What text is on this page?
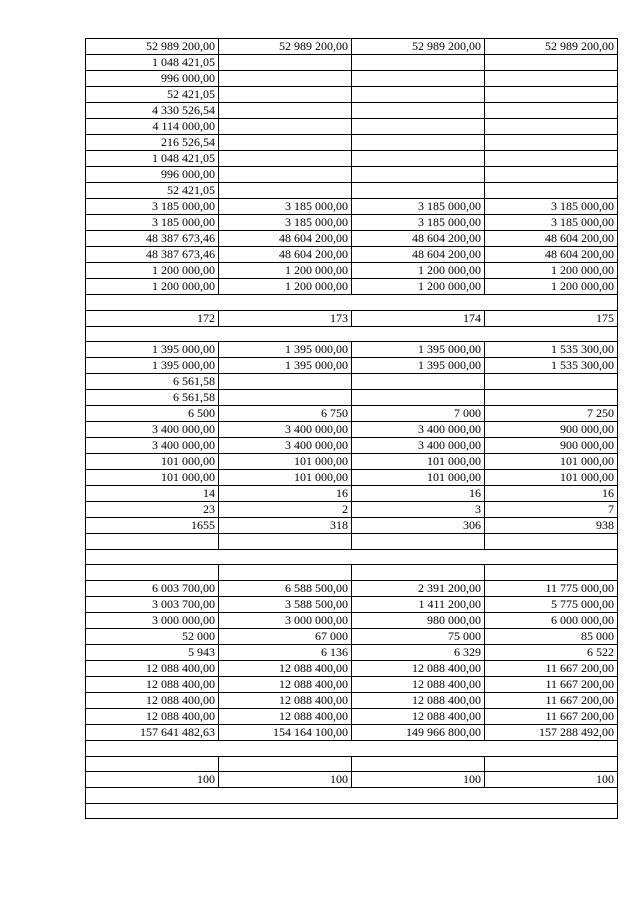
52 989 200,00	52 989 200,00	52 989 200,00	52 989 200,00
1 048 421,05			
996 000,00			
52 421,05			
4 330 526,54			
4 114 000,00			
216 526,54			
1 048 421,05			
996 000,00			
52 421,05			
3 185 000,00	3 185 000,00	3 185 000,00	3 185 000,00
3 185 000,00	3 185 000,00	3 185 000,00	3 185 000,00
48 387 673,46	48 604 200,00	48 604 200,00	48 604 200,00
48 387 673,46	48 604 200,00	48 604 200,00	48 604 200,00
1 200 000,00	1 200 000,00	1 200 000,00	1 200 000,00
1 200 000,00	1 200 000,00	1 200 000,00	1 200 000,00

172	173	174	175

1 395 000,00	1 395 000,00	1 395 000,00	1 535 300,00
1 395 000,00	1 395 000,00	1 395 000,00	1 535 300,00
6 561,58			
6 561,58			
6 500	6 750	7 000	7 250
3 400 000,00	3 400 000,00	3 400 000,00	900 000,00
3 400 000,00	3 400 000,00	3 400 000,00	900 000,00
101 000,00	101 000,00	101 000,00	101 000,00
101 000,00	101 000,00	101 000,00	101 000,00
14	16	16	16
23	2	3	7
1655	318	306	938

6 003 700,00	6 588 500,00	2 391 200,00	11 775 000,00
3 003 700,00	3 588 500,00	1 411 200,00	5 775 000,00
3 000 000,00	3 000 000,00	980 000,00	6 000 000,00
52 000	67 000	75 000	85 000
5 943	6 136	6 329	6 522
12 088 400,00	12 088 400,00	12 088 400,00	11 667 200,00
12 088 400,00	12 088 400,00	12 088 400,00	11 667 200,00
12 088 400,00	12 088 400,00	12 088 400,00	11 667 200,00
12 088 400,00	12 088 400,00	12 088 400,00	11 667 200,00
157 641 482,63	154 164 100,00	149 966 800,00	157 288 492,00

100	100	100	100
